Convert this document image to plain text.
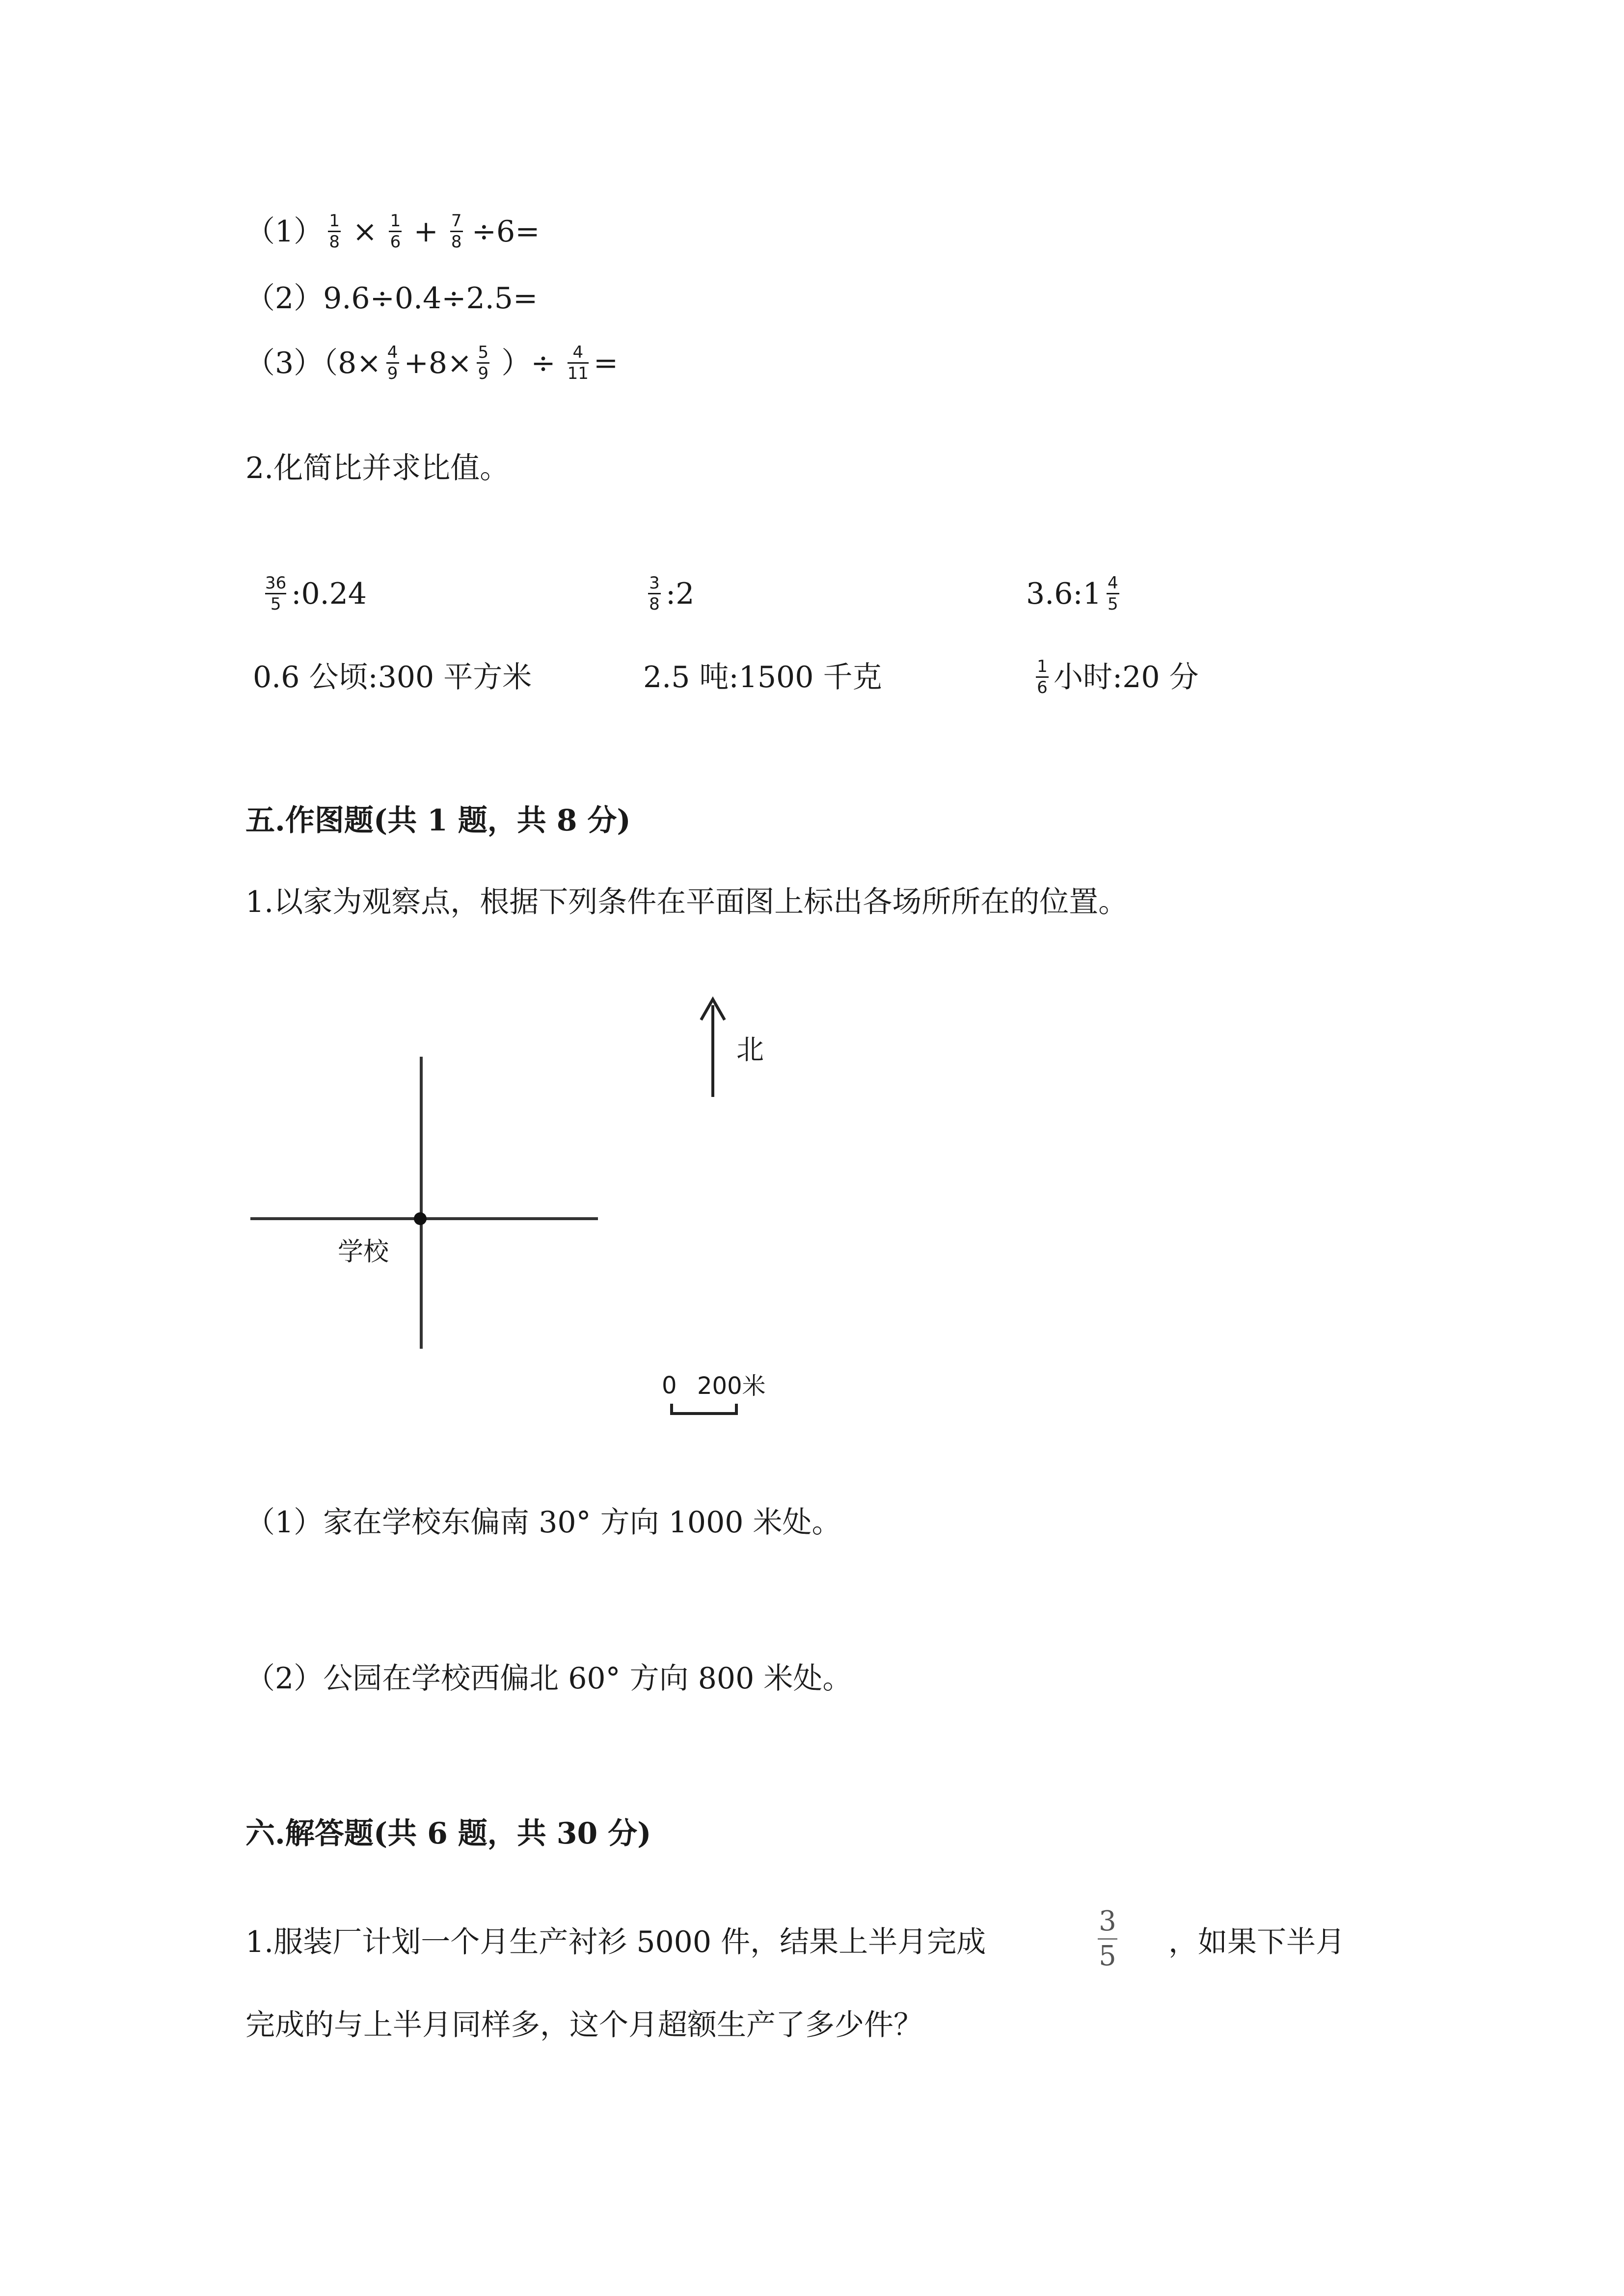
$(1) \frac{1}{8} \times \frac{1}{6} + \frac{7}{8} \div 6=$
（2）9.6÷0.4÷2.5=
$(3)(8\times \frac{4}{9} +8\times \frac{5}{9}$ ）÷ $\frac{4}{11}$ =
2.化简比并求比值。
$\frac{36}{5}$ :0.24	$\frac{3}{8}$ :2	3.6:1 $\frac{4}{5}$
0.6 公顷:300 平方米	2.5 吨:1500 千克	$\frac{1}{6}$ 小时:20 分
五.作图题(共 1 题，共 8 分)
1.以家为观察点，根据下列条件在平面图上标出各场所所在的位置。
北
学校
0 200米
（1）家在学校东偏南 30° 方向 1000 米处。
（2）公园在学校西偏北 60° 方向 800 米处。
六.解答题(共 6 题，共 30 分)
1.服装厂计划一个月生产衬衫 5000 件，结果上半月完成
3
5 ，如果下半月
完成的与上半月同样多，这个月超额生产了多少件？
